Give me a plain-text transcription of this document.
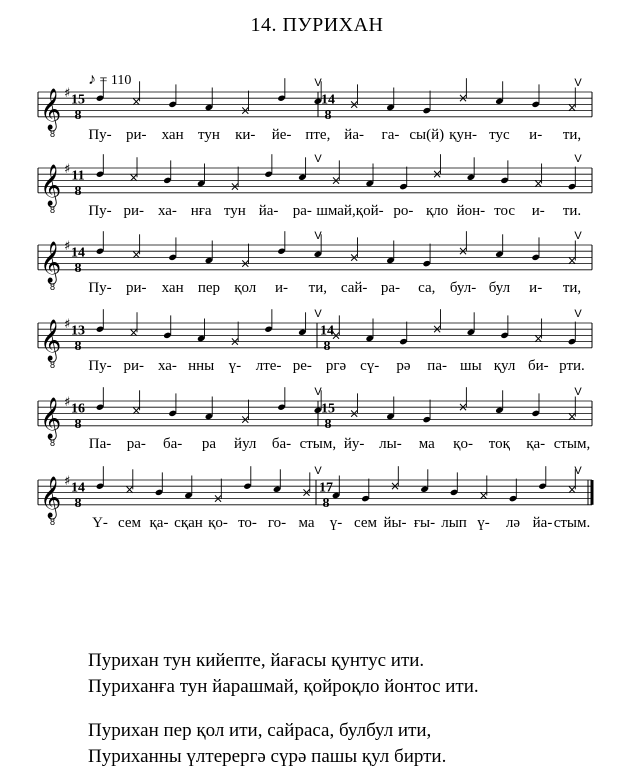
14. ПУРИХАН
♪ = 110
𝄞
8
♯ 15
8
14
8
Пу-
×
ри- хан тун
×
ки- йе- пте,
×
йа- га- сы(й)
×
қун- тус и-
×
ти,
V	V
𝄞
8
♯ 11
8
Пу-
×
ри- ха- нға
×
тун йа- ра-
×
шмай, қой- ро-
×
қло йон- тос
×
и- ти.
V	V
𝄞
8
♯ 14
8
Пу-
×
ри- хан пер
×
қол и- ти,
×
сай- ра- са,
×
бул- бул и-
×
ти,
V	V
𝄞
8
♯ 13
8
14
8
Пу-
×
ри- ха- нны
×
ү- лте- ре-
×
ргә сү- рә
×
па- шы қул
×
би- рти.
V	V
𝄞
8
♯ 16
8
15
8
Па-
×
ра- ба- ра
×
йул ба- стым,
×
йу- лы- ма
×
қо- тоқ қа-
×
стым,
V	V
𝄞
8
♯ 14
8
17
8
Ү-
×
сем қа- сқан
×
қо- то- го-
×
ма ү- сем
×
йы- ғы- лып
×
ү- лә йа-
×
стым.
V	V
Пурихан тун кийепте, йағасы қунтус ити.
Пуриханға тун йарашмай, қойроқло йонтос ити.
Пурихан пер қол ити, сайраса, булбул ити,
Пуриханны үлтерергә сүрә пашы қул бирти.
